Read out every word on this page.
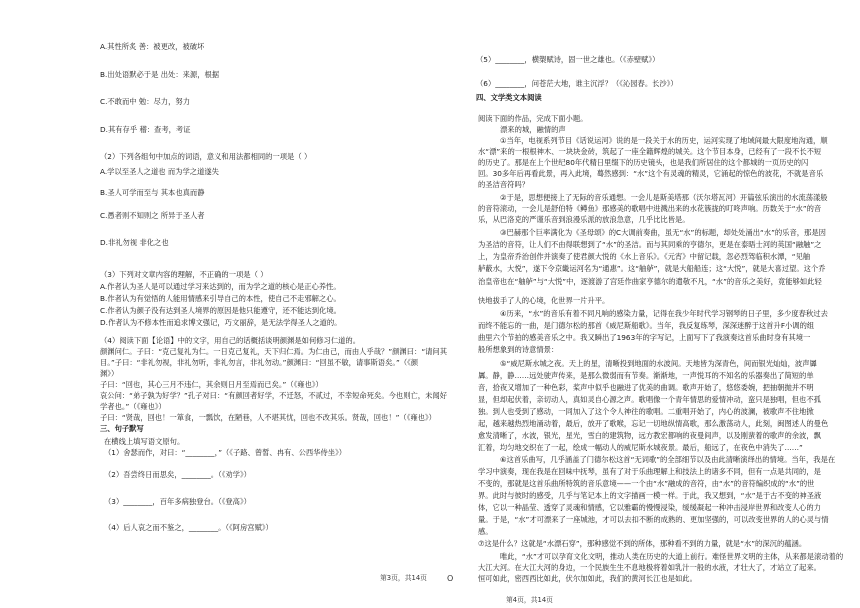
A.其性所炙 善：被更改，被破坏
B.出处语默必于是 出处：来源，根据
C.不敢而中 勉：尽力，努力
D.其有存乎 稽：查考，考证
（2）下列各组句中加点的词语，意义和用法都相同的一项是（ ）
A.学以至圣人之道也 而为学之道遂失
B.圣人可学而至与 其本也真而静
C.愚者则不知则之 所异于圣人者
D.非礼勿视 非化之也
（3）下列对文章内容的理解，不正确的一项是（ ）
A.作者认为圣人是可以通过学习来达到的，而为学之道的核心是正心养性。
B.作者认为有觉悟的人能用情感来引导自己的本性，使自己不走邪解之心。
C.作者认为颜子没有达到圣人境界的原因是他只能遵守，还不能达到化境。
D.作者认为不修本性而追求博文强记，巧文丽辞，是无法学得圣人之道的。
（4）阅读下面【论语】中的文字，用自己的话概括谈明颜渊是如何修习仁道的。
颜渊问仁。子曰：“克己复礼为仁。一日克己复礼，天下归仁焉。为仁由己，而由人乎哉？”颜渊曰：“请问其
目。”子曰：“非礼勿视，非礼勿听，非礼勿言，非礼勿动。”颜渊曰：“回虽不敏，请事斯语矣。”（《颜
渊》）
子曰：“回也，其心三月不违仁，其余则日月至焉而已矣。”（《雍也》）
哀公问：“弟子孰为好学？”孔子对曰：“有颜回者好学，不迁怒，不贰过，不幸短命死矣。今也则亡，未闻好
学者也。”（《雍也》）
子曰：“贤哉，回也！一箪食，一瓢饮，在陋巷，人不堪其忧，回也不改其乐。贤哉，回也！”（《雍也》）
三、句子默写
在横线上填写语文原句。
（1）舍瑟而作，对曰：“________，”（《子路、曾皙、冉有、公西华侍坐》）
（2）吾尝终日而思矣，________。（《劝学》）
（3）________，百年多病独登台。（《登高》）
（4）后人哀之而不鉴之，________。（《阿房宫赋》）
第3页，共14页	O
（5）________，横槊赋诗，固一世之雄也。（《赤壁赋》）
（6）________，问苍茫大地，谁主沉浮？（《沁园春。长沙》）
四、文学类文本阅读
阅读下面的作品，完成下面小题。
漂来的城，融情的声
①当年，电视系列节目《话说运河》说的是一段关于水的历史，运河实现了地域间最大限度地沟通，顺
水“漂”来的一根根神木、一块块金砖，筑起了一座全籍辉煌的城关。这个节目本身，已经有了一段不长不短
的历史了。那是在上个世纪80年代精日里缀下的历史镜头，也是我们所居住的这个都城的一页历史的闪
回。30多年后再看此景，再入此境，蓦然感到：“水”这个有灵魂的精灵，它涌起的惊色的波花，不就是音乐
的圣洁音符吗？
②于是，思想便接上了无际的音乐通想。一会儿是斯美塔那（沃尔塔瓦河）开篇弦乐演出的水流荡漾般
的音符滚动，一会儿是舒伯特《鳟鱼》那感美的歌唱中进溅出来的水花簇拢的叮咚声响。历数关于“水”的音
乐，从巴洛克的严谨乐音到浪漫乐派的放浪急意，几乎比比皆是。
③巴赫那个巨率满化为《圣母颂》的C大调前奏曲，虽无“水”的标题，却处处涌出“水”的乐音，那是因
为圣洁的音符，让人们不由得联想到了“水”的圣洁。而与其同乘的亨德尔，更是在泰晤士河的英国“融触”之
上，为皇帝乔治创作并演奏了使君颜大悦的《水上音乐》。《元宵》中留记载，忽必烈驾临积水潭，“见舳
舻蔽水，大悦”，遂下令京畿运河名为“通惠”。这“舳舻”，就是大船船连；这“大悦”，就是大喜过望。这个乔
治皇帝也在“舳舻”与“大悦”中，逐渡游了宫廷作曲家亨德尔的遣敬不凡，“水”的音乐之美好，竟能够如此轻
快地拔手了人的心境，化世界一片升平。
④历来，“水”的音乐有着不同凡响的感染力量，记得在我少年时代学习钢琴的日子里，多少度春秋过去
而终不能忘的一曲，是门德尔松的那首《威尼斯船歌》。当年，我反复练琴，深深迷醉于这首升F小调的组
曲里六个节拍的感美音乐之中。我又瞬出了1963年的字写记，上面写下了我演奏这首乐曲时身有其境一
般所想象到的诗意情景：
⑤“威尼斯水城之夜。天上的星，清晰投到地面的水波间。天地皆为深青色，间而银光灿灿，波声羼
羼。静，静……远处驶声传来，是那么微弱而有节奏。渐渐地，一声悦耳的不知名的乐器奏出了简短的单
音，拾夜又增加了一种色彩，桨声中似乎也融进了优美的曲调。歌声开始了，悠悠委婉，把抽朝抛并不明
显，但却起伏着，亲切动人，真如灵自心源之声。歌唱像一个青年情思的爱情冲动，蛮只是独唱，但也不孤
独。到人也受到了感动，一同加入了这个令人神往的歌唱。二重唱开始了，内心的波澜，被歌声不住地掀
起，越来越热烈地涌动着，最后，放开了歌喉，忘记一切地纵情高歌，那么激荡动人，此刻，闽图述人的曼色
愈发清晰了，水波，银光，星光，雪白的建筑物，远方教宏都响的夜曼间声，以及刚蜚着的歌声的余波，飘
汇着，均匀地交织在了一起，绘成一幅动人的威尼斯水城夜景。最后，船远了，在夜色中消失了……”
⑥这首乐曲写，几乎涵盖了门德尔松这首“无词歌”的全部细节以及由此清晰演绎出的情境。当年，我是在
学习中演奏，现在我是在回味中抚琴，虽有了对于乐曲理解上和技法上的诸多不同，但有一点是共同的，是
不变的，那就是这首乐曲所特筑的音乐意境——一个由“水”融成的音符，由“水”的音符编织成的“水”的世
界。此时与彼时的感受，几乎与笔记本上的文字描画一模一样。于此，我又想到，“水”是于古不变的神圣液
体，它以一种晶莹、透穿了灵魂和情感，它以雅霸的慢慢浸染，缓缓凝起一种冲击浸岸世界和改变人心的力
量。于是，“水”才可漂来了一座城池，才可以去扣不断的成熟的、更加坚强的，可以改变世界的人的心灵与情
感。
⑦这是什么？这就是“水漂石穿”，那种感觉不到的所体，那种看不到的力量，就是“水”的深沉的蕴涵。
唯此，“水”才可以孕育文化文明，推动人类在历史的大道上前行。难怪世界文明的主体，从来都是滚动着的
大江大河。在大江大河的身边，一个民族生生不息地极将着如乳汁一般的水液，才壮大了，才站立了起来。
恒可如此，密西西比如此，伏尔加如此，我们的黄河长江也是如此。
第4页，共14页
